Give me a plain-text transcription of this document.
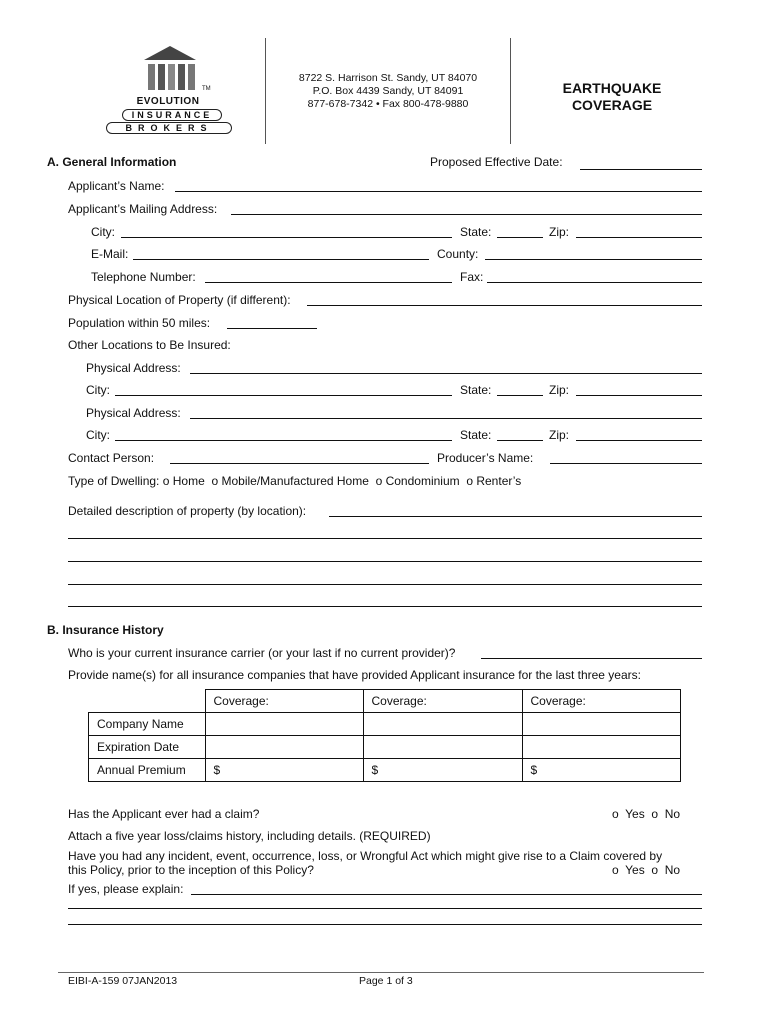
TM
EVOLUTION
INSURANCE
BROKERS
8722 S. Harrison St. Sandy, UT 84070
P.O. Box 4439 Sandy, UT 84091
877-678-7342 • Fax 800-478-9880
EARTHQUAKE
COVERAGE
A. General Information	Proposed Effective Date:
Applicant’s Name:
Applicant’s Mailing Address:
City:	State:	Zip:
E-Mail:	County:
Telephone Number:	Fax:
Physical Location of Property (if different):
Population within 50 miles:
Other Locations to Be Insured:
Physical Address:
City:	State:	Zip:
Physical Address:
City:	State:	Zip:
Contact Person:	Producer’s Name:
Type of Dwelling: o Home o Mobile/Manufactured Home o Condominium o Renter’s
Detailed description of property (by location):
B. Insurance History
Who is your current insurance carrier (or your last if no current provider)?
Provide name(s) for all insurance companies that have provided Applicant insurance for the last three years:
	Coverage:	Coverage:	Coverage:
Company Name			
Expiration Date			
Annual Premium	$	$	$
Has the Applicant ever had a claim?	o Yes o No
Attach a five year loss/claims history, including details. (REQUIRED)
Have you had any incident, event, occurrence, loss, or Wrongful Act which might give rise to a Claim covered by
this Policy, prior to the inception of this Policy?	o Yes o No
If yes, please explain:
EIBI-A-159 07JAN2013	Page 1 of 3
